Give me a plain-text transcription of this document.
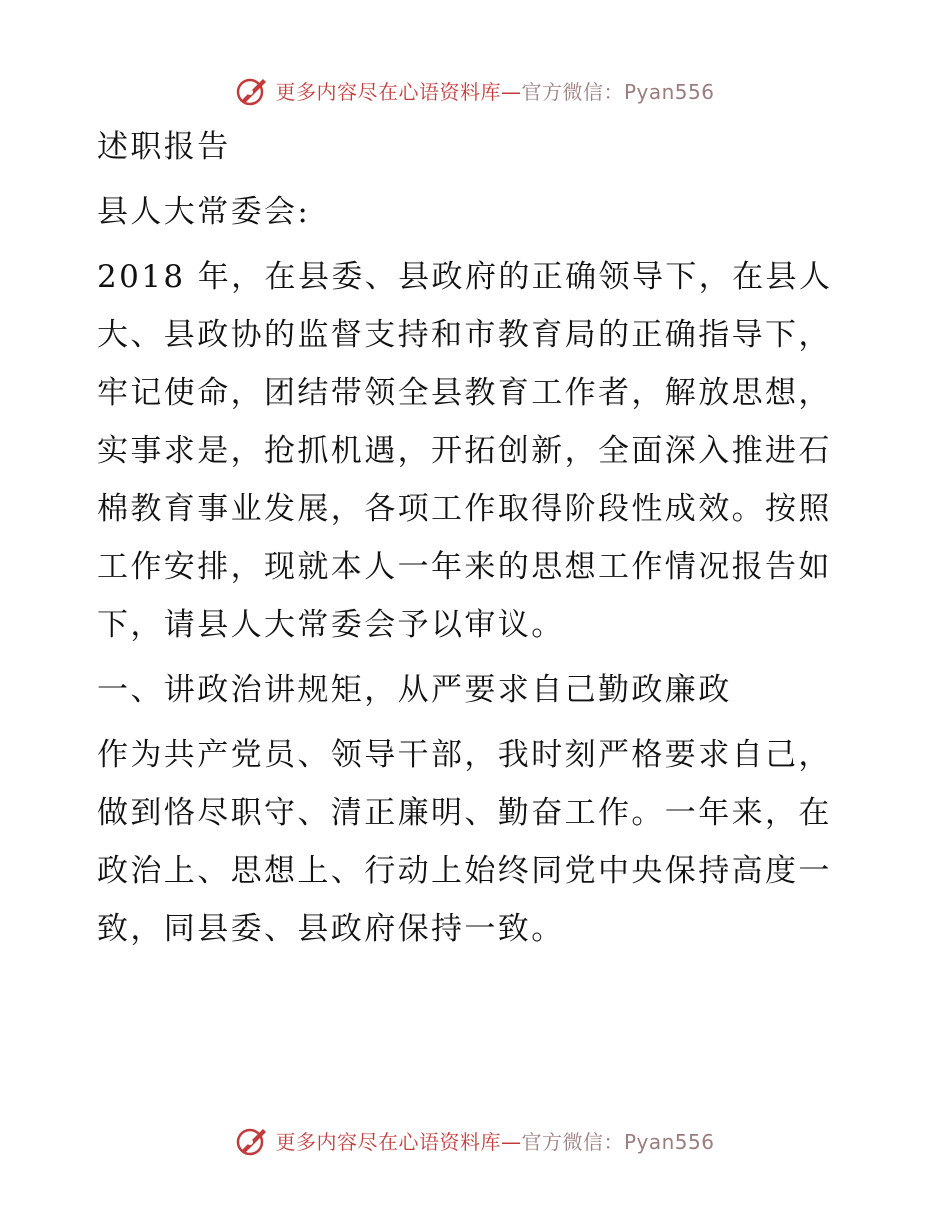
更多内容尽在心语资料库—官方微信：Pyan556

述职报告

县人大常委会:

2018 年，在县委、县政府的正确领导下，在县人大、县政协的监督支持和市教育局的正确指导下，牢记使命，团结带领全县教育工作者，解放思想，实事求是，抢抓机遇，开拓创新，全面深入推进石棉教育事业发展，各项工作取得阶段性成效。按照工作安排，现就本人一年来的思想工作情况报告如下，请县人大常委会予以审议。

一、讲政治讲规矩，从严要求自己勤政廉政

作为共产党员、领导干部，我时刻严格要求自己，做到恪尽职守、清正廉明、勤奋工作。一年来，在政治上、思想上、行动上始终同党中央保持高度一致，同县委、县政府保持一致。

更多内容尽在心语资料库—官方微信：Pyan556
